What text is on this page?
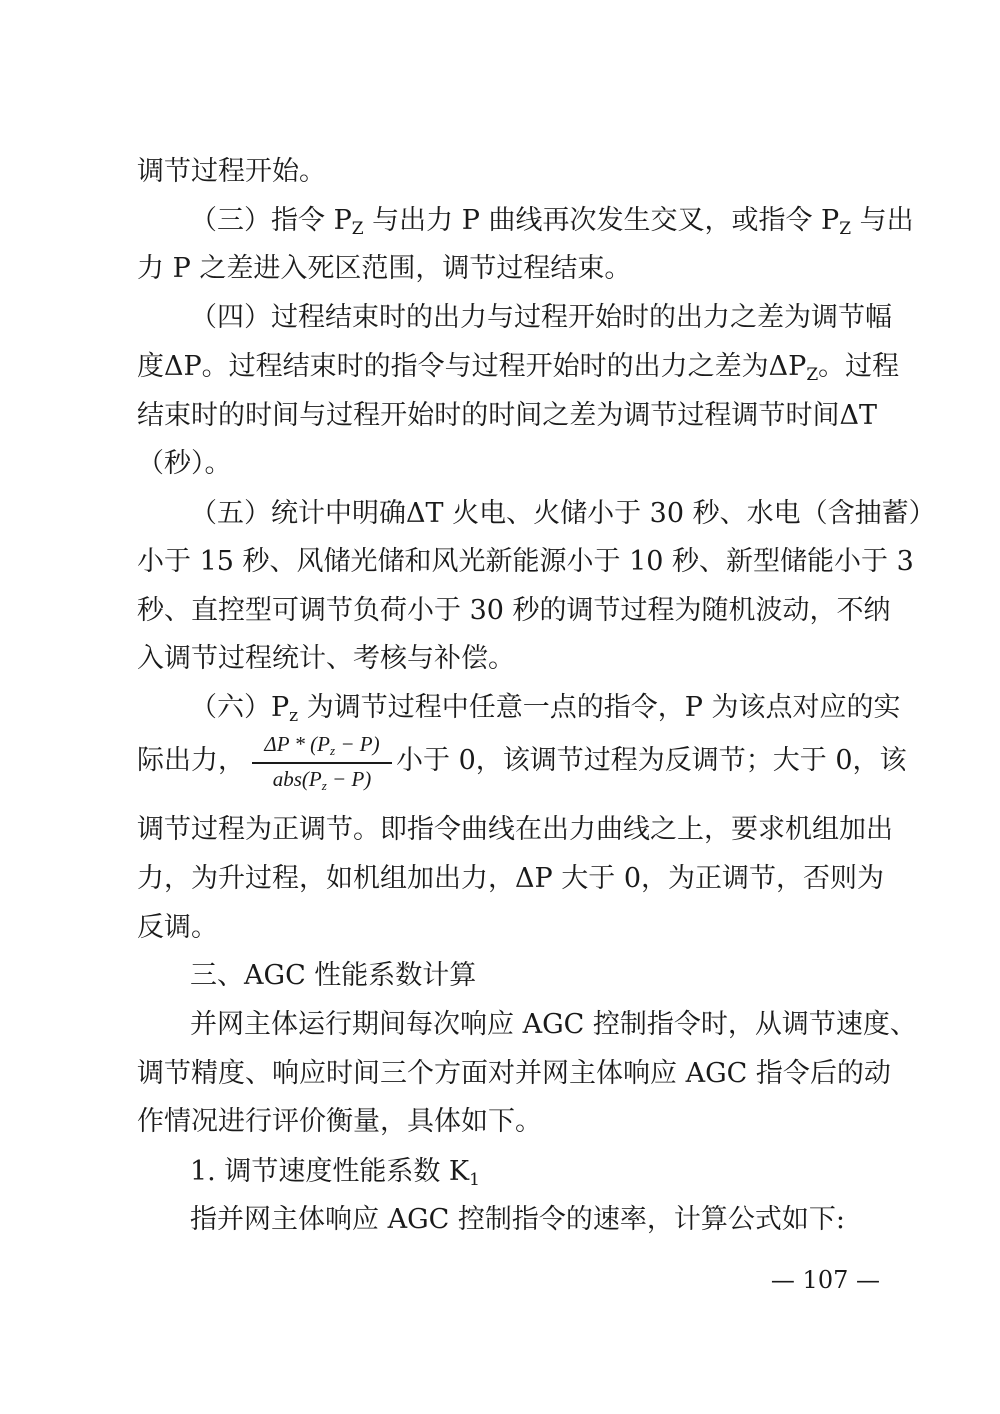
调节过程开始。
（三）指令 $P_Z$ 与出力 P 曲线再次发生交叉，或指令 $P_Z$ 与出
力 P 之差进入死区范围，调节过程结束。
（四）过程结束时的出力与过程开始时的出力之差为调节幅
度ΔP。过程结束时的指令与过程开始时的出力之差为$\Delta P_Z$。过程
结束时的时间与过程开始时的时间之差为调节过程调节时间ΔT
（秒）。
（五）统计中明确ΔT 火电、火储小于 30 秒、水电（含抽蓄）
小于 15 秒、风储光储和风光新能源小于 10 秒、新型储能小于 3
秒、直控型可调节负荷小于 30 秒的调节过程为随机波动，不纳
入调节过程统计、考核与补偿。
（六）$P_z$ 为调节过程中任意一点的指令，P 为该点对应的实
际出力，
ΔP * (Pz − P)
abs(Pz − P)
小于 0，该调节过程为反调节；大于 0，该
调节过程为正调节。即指令曲线在出力曲线之上，要求机组加出
力，为升过程，如机组加出力，ΔP 大于 0，为正调节，否则为
反调。
三、AGC 性能系数计算
并网主体运行期间每次响应 AGC 控制指令时，从调节速度、
调节精度、响应时间三个方面对并网主体响应 AGC 指令后的动
作情况进行评价衡量，具体如下。
1. 调节速度性能系数 $K_1$
指并网主体响应 AGC 控制指令的速率，计算公式如下:
— 107 —
